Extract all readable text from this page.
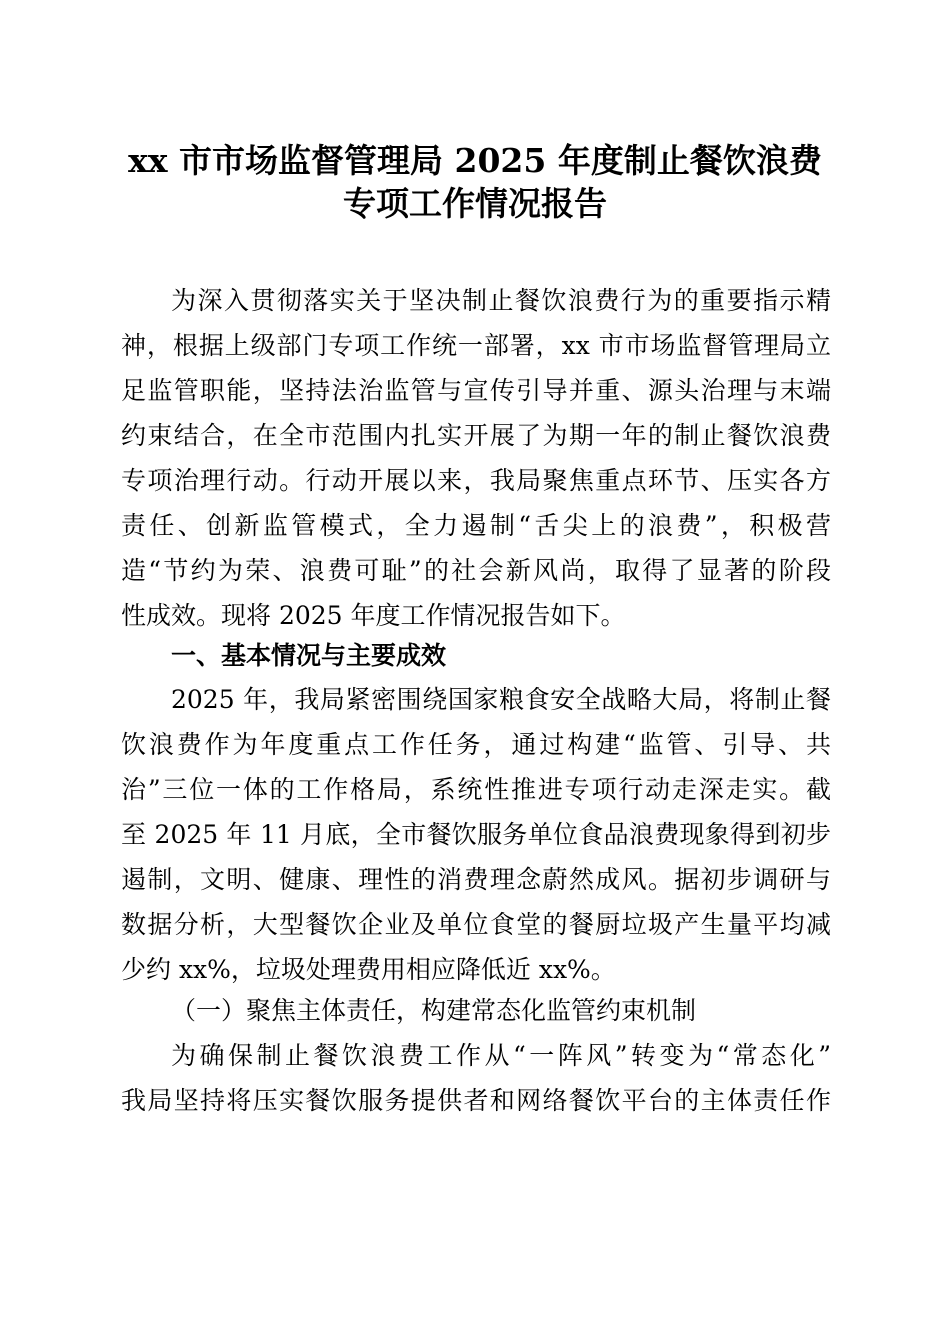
xx 市市场监督管理局 2025 年度制止餐饮浪费
专项工作情况报告
为深入贯彻落实关于坚决制止餐饮浪费行为的重要指示精
神，根据上级部门专项工作统一部署，xx 市市场监督管理局立
足监管职能，坚持法治监管与宣传引导并重、源头治理与末端
约束结合，在全市范围内扎实开展了为期一年的制止餐饮浪费
专项治理行动。行动开展以来，我局聚焦重点环节、压实各方
责任、创新监管模式，全力遏制“舌尖上的浪费”，积极营
造“节约为荣、浪费可耻”的社会新风尚，取得了显著的阶段
性成效。现将 2025 年度工作情况报告如下。
一、基本情况与主要成效
2025 年，我局紧密围绕国家粮食安全战略大局，将制止餐
饮浪费作为年度重点工作任务，通过构建“监管、引导、共
治”三位一体的工作格局，系统性推进专项行动走深走实。截
至 2025 年 11 月底，全市餐饮服务单位食品浪费现象得到初步
遏制，文明、健康、理性的消费理念蔚然成风。据初步调研与
数据分析，大型餐饮企业及单位食堂的餐厨垃圾产生量平均减
少约 xx%，垃圾处理费用相应降低近 xx%。
（一）聚焦主体责任，构建常态化监管约束机制
为确保制止餐饮浪费工作从“一阵风”转变为“常态化”
我局坚持将压实餐饮服务提供者和网络餐饮平台的主体责任作
